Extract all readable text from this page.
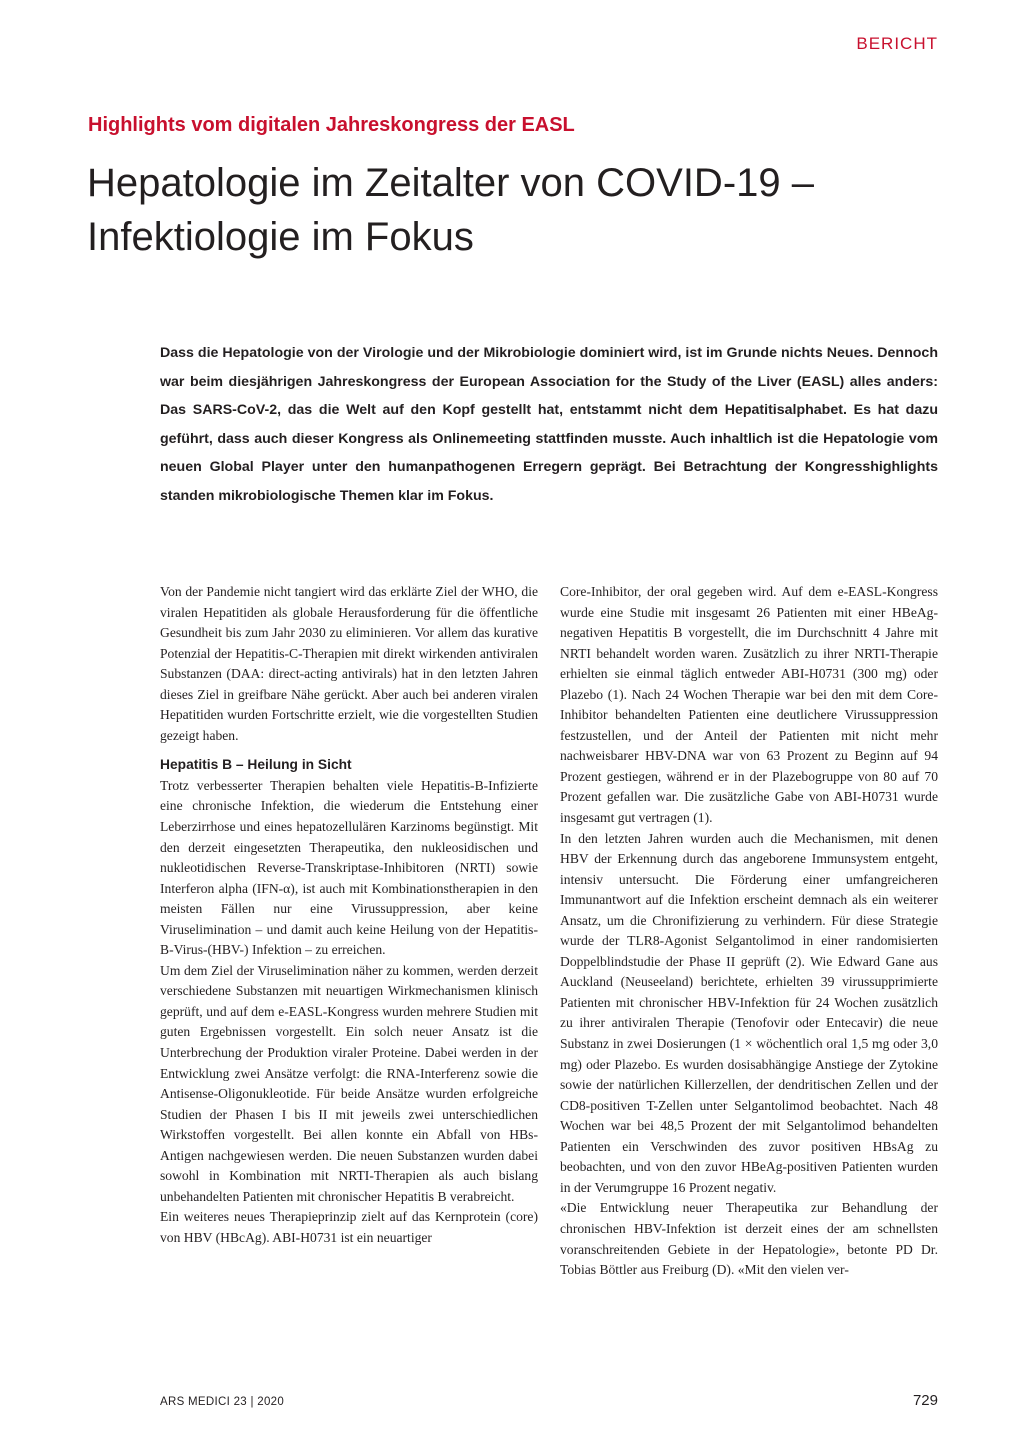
BERICHT
Highlights vom digitalen Jahreskongress der EASL
Hepatologie im Zeitalter von COVID-19 –
Infektiologie im Fokus

Dass die Hepatologie von der Virologie und der Mikrobiologie dominiert wird, ist im Grunde nichts Neues. Dennoch war beim diesjährigen Jahreskongress der European Association for the Study of the Liver (EASL) alles anders: Das SARS-CoV-2, das die Welt auf den Kopf gestellt hat, entstammt nicht dem Hepatitisalphabet. Es hat dazu geführt, dass auch dieser Kongress als Onlinemeeting stattfinden musste. Auch inhaltlich ist die Hepatologie vom neuen Global Player unter den humanpathogenen Erregern geprägt. Bei Betrachtung der Kongresshighlights standen mikrobiologische Themen klar im Fokus.

Von der Pandemie nicht tangiert wird das erklärte Ziel der WHO, die viralen Hepatitiden als globale Herausforderung für die öffentliche Gesundheit bis zum Jahr 2030 zu eliminieren. Vor allem das kurative Potenzial der Hepatitis-C-Therapien mit direkt wirkenden antiviralen Substanzen (DAA: direct-acting antivirals) hat in den letzten Jahren dieses Ziel in greifbare Nähe gerückt. Aber auch bei anderen viralen Hepatitiden wurden Fortschritte erzielt, wie die vorgestellten Studien gezeigt haben.

Hepatitis B – Heilung in Sicht

Trotz verbesserter Therapien behalten viele Hepatitis-B-Infizierte eine chronische Infektion, die wiederum die Entstehung einer Leberzirrhose und eines hepatozellulären Karzinoms begünstigt. Mit den derzeit eingesetzten Therapeutika, den nukleosidischen und nukleotidischen Reverse-Transkriptase-Inhibitoren (NRTI) sowie Interferon alpha (IFN-α), ist auch mit Kombinationstherapien in den meisten Fällen nur eine Virussuppression, aber keine Viruselimination – und damit auch keine Heilung von der Hepatitis-B-Virus-(HBV-) Infektion – zu erreichen.

Um dem Ziel der Viruselimination näher zu kommen, werden derzeit verschiedene Substanzen mit neuartigen Wirkmechanismen klinisch geprüft, und auf dem e-EASL-Kongress wurden mehrere Studien mit guten Ergebnissen vorgestellt. Ein solch neuer Ansatz ist die Unterbrechung der Produktion viraler Proteine. Dabei werden in der Entwicklung zwei Ansätze verfolgt: die RNA-Interferenz sowie die Antisense-Oligonukleotide. Für beide Ansätze wurden erfolgreiche Studien der Phasen I bis II mit jeweils zwei unterschiedlichen Wirkstoffen vorgestellt. Bei allen konnte ein Abfall von HBs-Antigen nachgewiesen werden. Die neuen Substanzen wurden dabei sowohl in Kombination mit NRTI-Therapien als auch bislang unbehandelten Patienten mit chronischer Hepatitis B verabreicht.

Ein weiteres neues Therapieprinzip zielt auf das Kernprotein (core) von HBV (HBcAg). ABI-H0731 ist ein neuartiger

Core-Inhibitor, der oral gegeben wird. Auf dem e-EASL-Kongress wurde eine Studie mit insgesamt 26 Patienten mit einer HBeAg-negativen Hepatitis B vorgestellt, die im Durchschnitt 4 Jahre mit NRTI behandelt worden waren. Zusätzlich zu ihrer NRTI-Therapie erhielten sie einmal täglich entweder ABI-H0731 (300 mg) oder Plazebo (1). Nach 24 Wochen Therapie war bei den mit dem Core-Inhibitor behandelten Patienten eine deutlichere Virussuppression festzustellen, und der Anteil der Patienten mit nicht mehr nachweisbarer HBV-DNA war von 63 Prozent zu Beginn auf 94 Prozent gestiegen, während er in der Plazebogruppe von 80 auf 70 Prozent gefallen war. Die zusätzliche Gabe von ABI-H0731 wurde insgesamt gut vertragen (1).

In den letzten Jahren wurden auch die Mechanismen, mit denen HBV der Erkennung durch das angeborene Immunsystem entgeht, intensiv untersucht. Die Förderung einer umfangreicheren Immunantwort auf die Infektion erscheint demnach als ein weiterer Ansatz, um die Chronifizierung zu verhindern. Für diese Strategie wurde der TLR8-Agonist Selgantolimod in einer randomisierten Doppelblindstudie der Phase II geprüft (2). Wie Edward Gane aus Auckland (Neuseeland) berichtete, erhielten 39 virussupprimierte Patienten mit chronischer HBV-Infektion für 24 Wochen zusätzlich zu ihrer antiviralen Therapie (Tenofovir oder Entecavir) die neue Substanz in zwei Dosierungen (1 × wöchentlich oral 1,5 mg oder 3,0 mg) oder Plazebo. Es wurden dosisabhängige Anstiege der Zytokine sowie der natürlichen Killerzellen, der dendritischen Zellen und der CD8-positiven T-Zellen unter Selgantolimod beobachtet. Nach 48 Wochen war bei 48,5 Prozent der mit Selgantolimod behandelten Patienten ein Verschwinden des zuvor positiven HBsAg zu beobachten, und von den zuvor HBeAg-positiven Patienten wurden in der Verumgruppe 16 Prozent negativ.

«Die Entwicklung neuer Therapeutika zur Behandlung der chronischen HBV-Infektion ist derzeit eines der am schnellsten voranschreitenden Gebiete in der Hepatologie», betonte PD Dr. Tobias Böttler aus Freiburg (D). «Mit den vielen ver-

ARS MEDICI 23 | 2020	729
